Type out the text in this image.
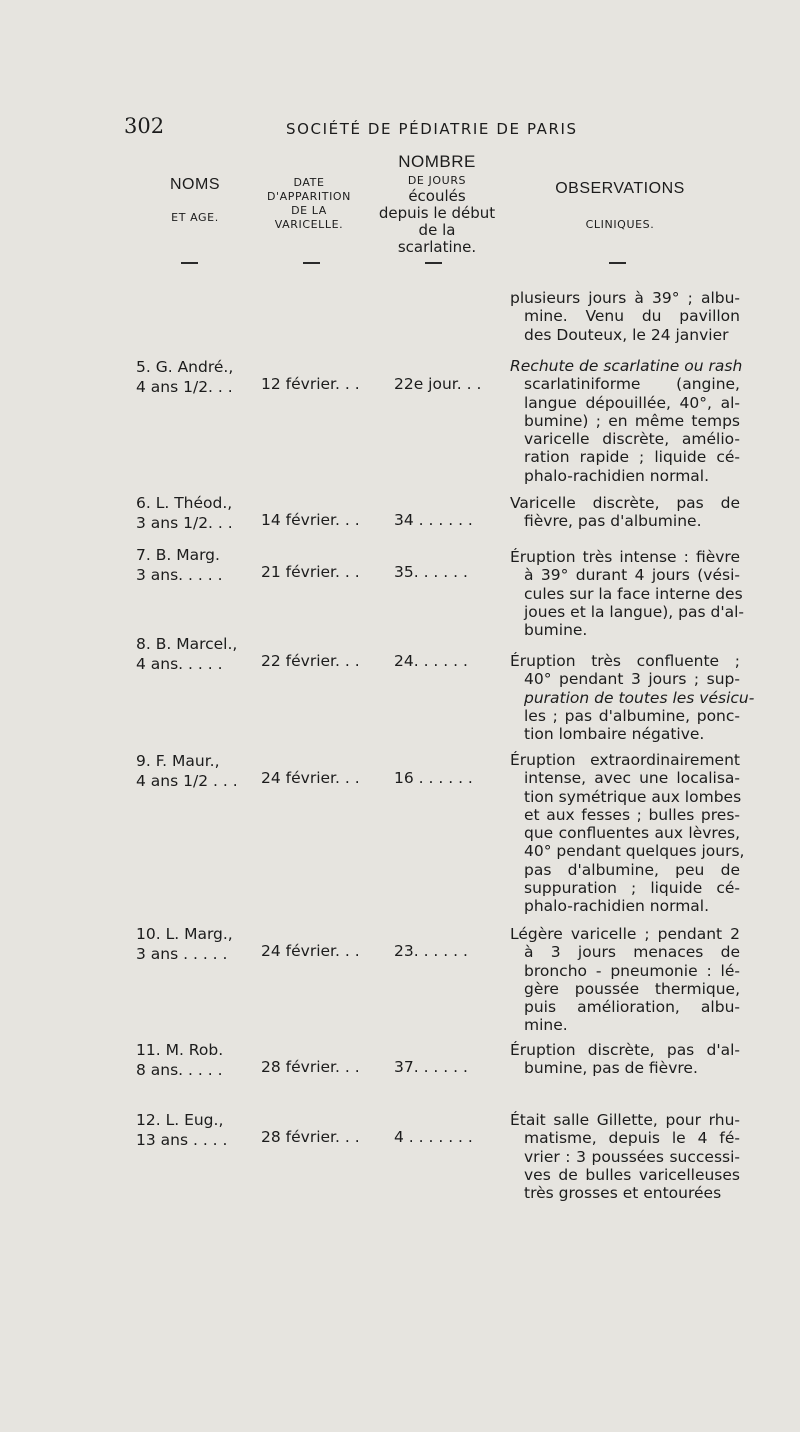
302	SOCIÉTÉ DE PÉDIATRIE DE PARIS
NOMS
ET AGE.
DATE
D'APPARITION
DE LA
VARICELLE.
NOMBRE
DE JOURS
écoulés
depuis le début
de la
scarlatine.
OBSERVATIONS
CLINIQUES.
plusieurs jours à 39° ; albu-
mine. Venu du pavillon
des Douteux, le 24 janvier
5. G. André.,
4 ans 1/2. . . 12 février. . . 22e jour. . .
Rechute de scarlatine ou rash
scarlatiniforme (angine,
langue dépouillée, 40°, al-
bumine) ; en même temps
varicelle discrète, amélio-
ration rapide ; liquide cé-
phalo-rachidien normal.
6. L. Théod.,
3 ans 1/2. . . 14 février. . . 34 . . . . . .
Varicelle discrète, pas de
fièvre, pas d'albumine.
7. B. Marg.
3 ans. . . . . 21 février. . . 35. . . . . .
Éruption très intense : fièvre
à 39° durant 4 jours (vési-
cules sur la face interne des
joues et la langue), pas d'al-
bumine.
8. B. Marcel.,
4 ans. . . . .	22 février. . . 24. . . . . .	Éruption très confluente ;
40° pendant 3 jours ; sup-
puration de toutes les vésicu-
les ; pas d'albumine, ponc-
tion lombaire négative.
9. F. Maur.,
4 ans 1/2 . . . 24 février. . . 16 . . . . . .
Éruption extraordinairement
intense, avec une localisa-
tion symétrique aux lombes
et aux fesses ; bulles pres-
que confluentes aux lèvres,
40° pendant quelques jours,
pas d'albumine, peu de
suppuration ; liquide cé-
phalo-rachidien normal.
10. L. Marg.,
3 ans . . . . .	24 février. . . 23. . . . . .
Légère varicelle ; pendant 2
à 3 jours menaces de
broncho - pneumonie : lé-
gère poussée thermique,
puis amélioration, albu-
mine.
11. M. Rob.
8 ans. . . . . 28 février. . . 37. . . . . .
Éruption discrète, pas d'al-
bumine, pas de fièvre.
12. L. Eug.,
13 ans . . . . 28 février. . . 4 . . . . . . .
Était salle Gillette, pour rhu-
matisme, depuis le 4 fé-
vrier : 3 poussées successi-
ves de bulles varicelleuses
très grosses et entourées
